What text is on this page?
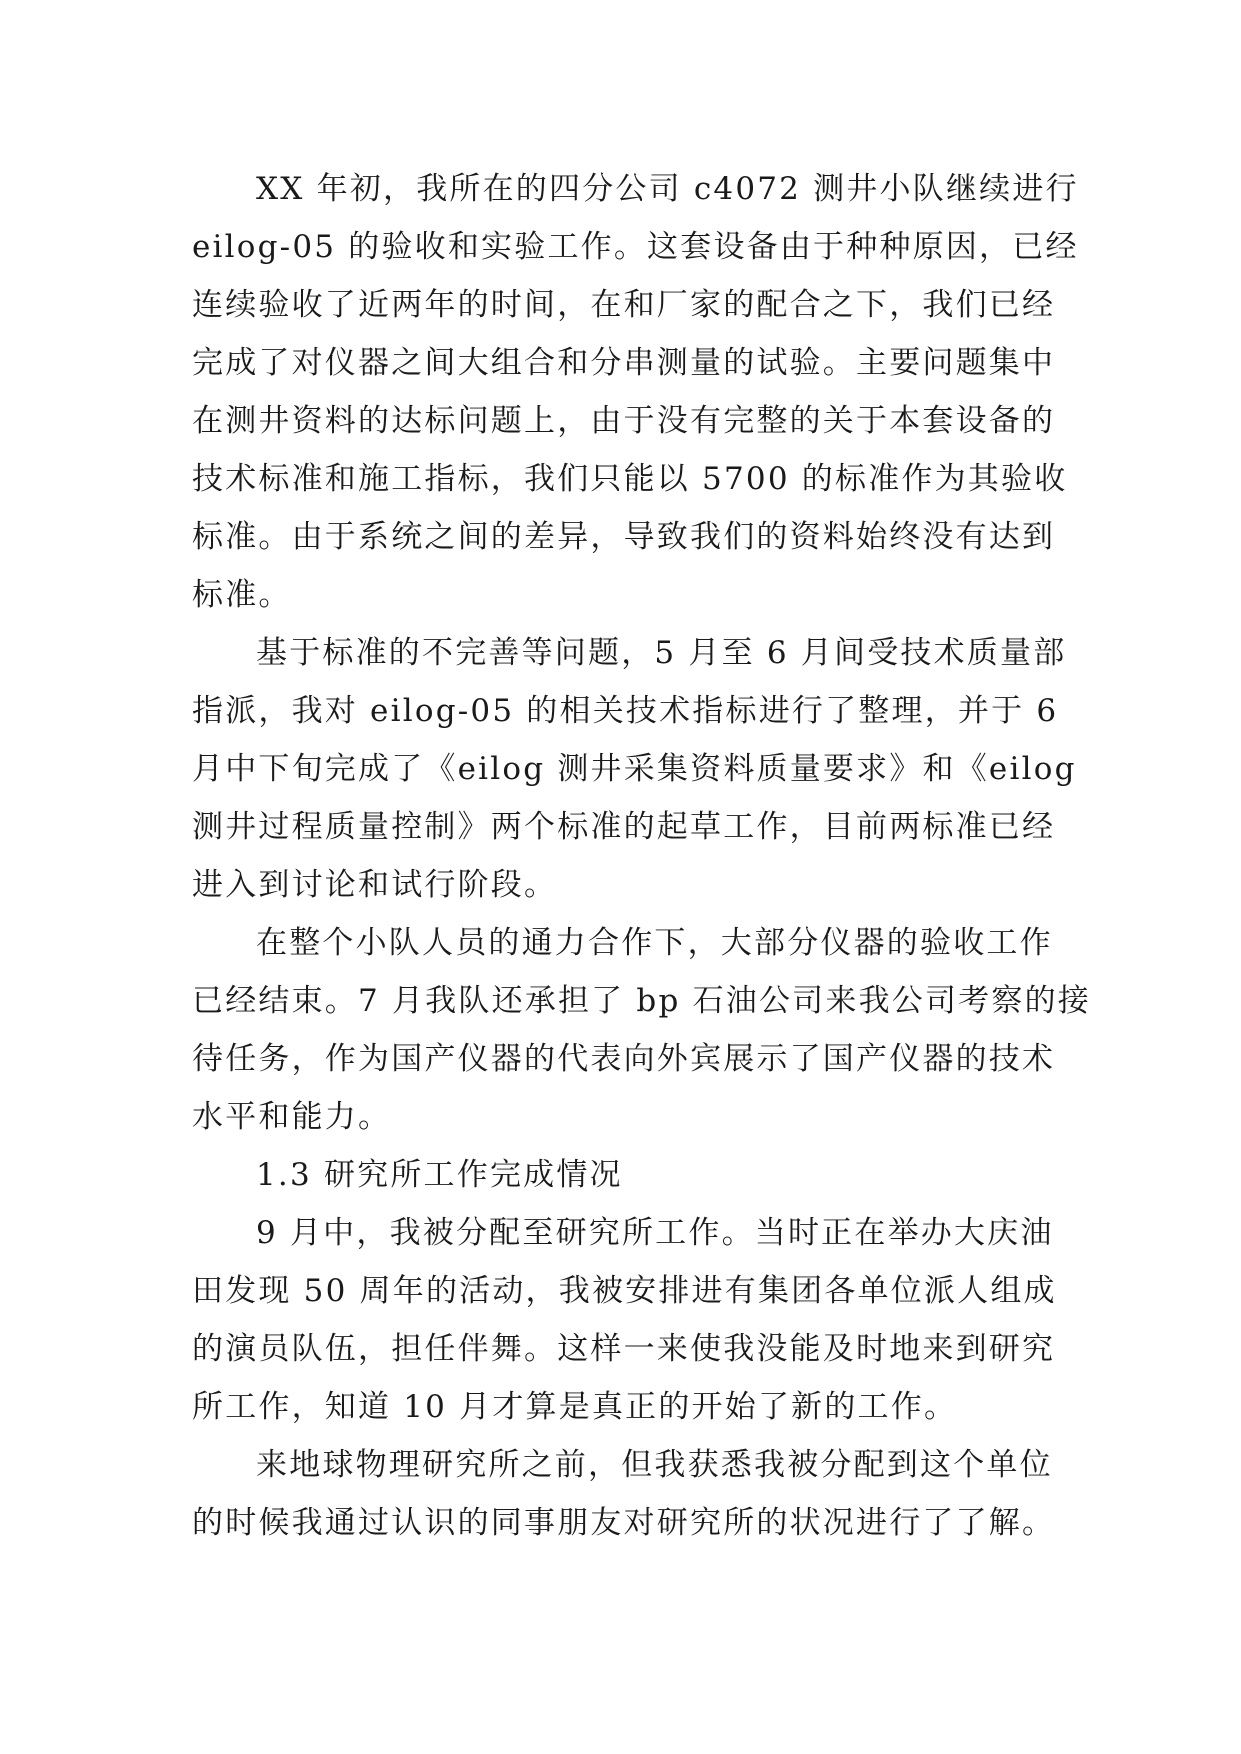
XX 年初，我所在的四分公司 c4072 测井小队继续进行
eilog-05 的验收和实验工作。这套设备由于种种原因，已经
连续验收了近两年的时间，在和厂家的配合之下，我们已经
完成了对仪器之间大组合和分串测量的试验。主要问题集中
在测井资料的达标问题上，由于没有完整的关于本套设备的
技术标准和施工指标，我们只能以 5700 的标准作为其验收
标准。由于系统之间的差异，导致我们的资料始终没有达到
标准。
基于标准的不完善等问题，5 月至 6 月间受技术质量部
指派，我对 eilog-05 的相关技术指标进行了整理，并于 6
月中下旬完成了《eilog 测井采集资料质量要求》和《eilog
测井过程质量控制》两个标准的起草工作，目前两标准已经
进入到讨论和试行阶段。
在整个小队人员的通力合作下，大部分仪器的验收工作
已经结束。7 月我队还承担了 bp 石油公司来我公司考察的接
待任务，作为国产仪器的代表向外宾展示了国产仪器的技术
水平和能力。
1.3 研究所工作完成情况
9 月中，我被分配至研究所工作。当时正在举办大庆油
田发现 50 周年的活动，我被安排进有集团各单位派人组成
的演员队伍，担任伴舞。这样一来使我没能及时地来到研究
所工作，知道 10 月才算是真正的开始了新的工作。
来地球物理研究所之前，但我获悉我被分配到这个单位
的时候我通过认识的同事朋友对研究所的状况进行了了解。
